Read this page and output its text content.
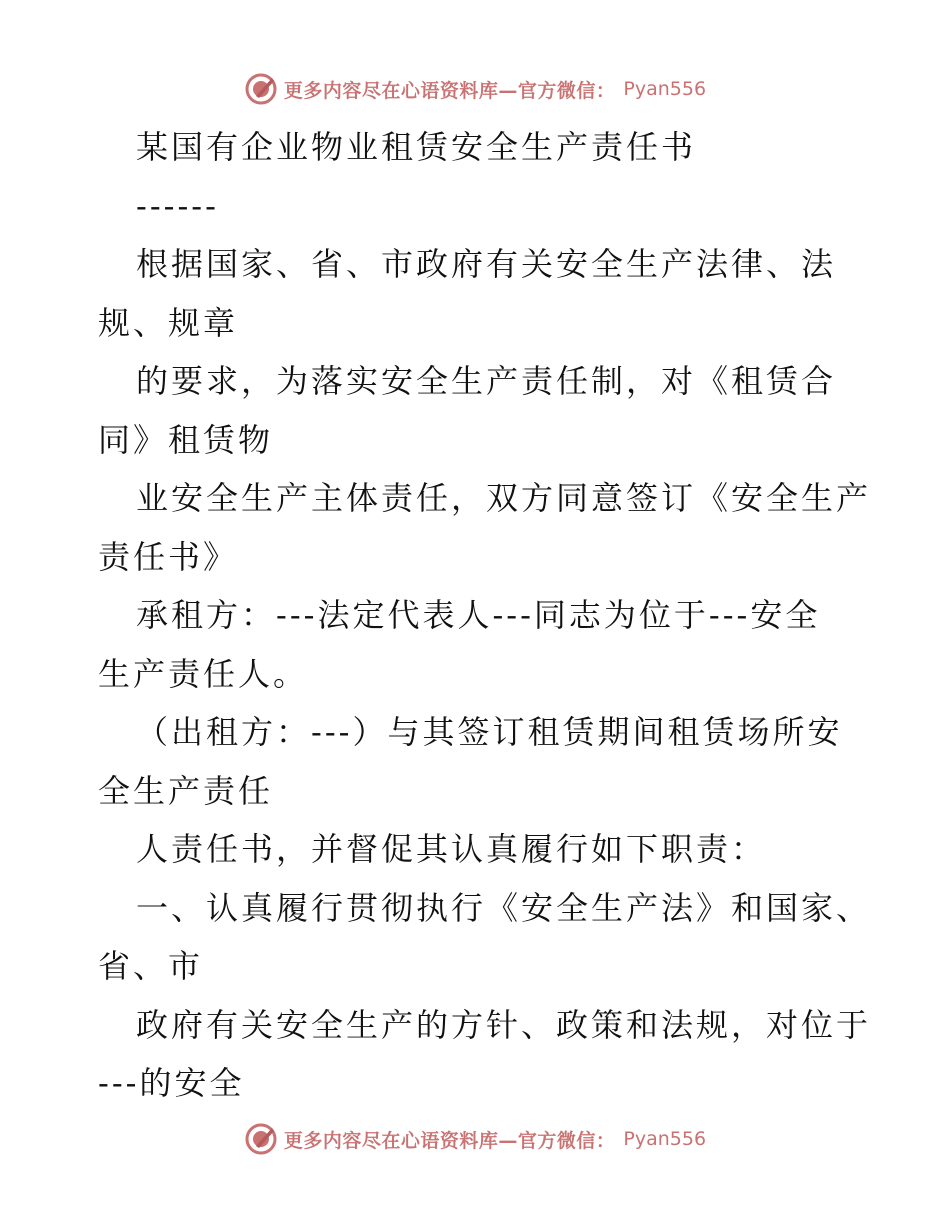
更多内容尽在心语资料库—官方微信： Pyan556
某国有企业物业租赁安全生产责任书
------
根据国家、省、市政府有关安全生产法律、法
规、规章
的要求，为落实安全生产责任制，对《租赁合
同》租赁物
业安全生产主体责任，双方同意签订《安全生产
责任书》
承租方：---法定代表人---同志为位于---安全
生产责任人。
（出租方：---）与其签订租赁期间租赁场所安
全生产责任
人责任书，并督促其认真履行如下职责：
一、认真履行贯彻执行《安全生产法》和国家、
省、市
政府有关安全生产的方针、政策和法规，对位于
---的安全
更多内容尽在心语资料库—官方微信： Pyan556
